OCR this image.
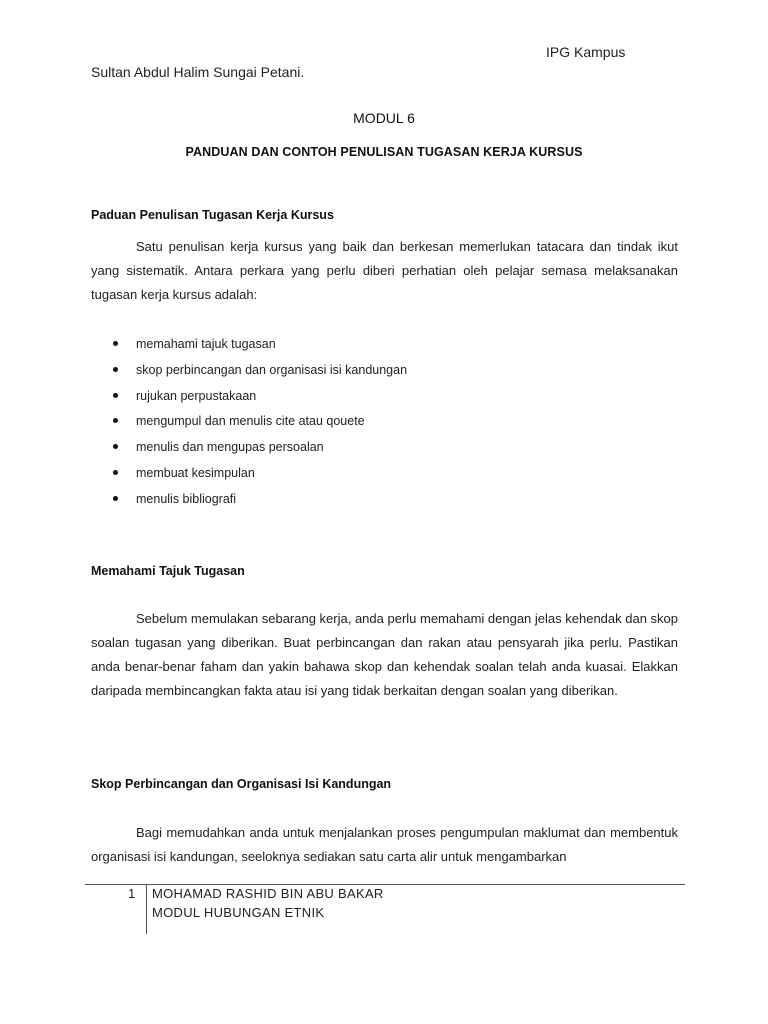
IPG Kampus
Sultan Abdul Halim Sungai Petani.
MODUL 6
PANDUAN DAN CONTOH PENULISAN TUGASAN KERJA KURSUS
Paduan Penulisan Tugasan Kerja Kursus
Satu penulisan kerja kursus yang baik dan berkesan memerlukan tatacara dan tindak ikut yang sistematik. Antara perkara yang perlu diberi perhatian oleh pelajar semasa melaksanakan tugasan kerja kursus adalah:
memahami tajuk tugasan
skop perbincangan dan organisasi isi kandungan
rujukan perpustakaan
mengumpul dan menulis cite atau qouete
menulis dan mengupas persoalan
membuat kesimpulan
menulis bibliografi
Memahami Tajuk Tugasan
Sebelum memulakan sebarang kerja, anda perlu memahami dengan jelas kehendak dan skop soalan tugasan yang diberikan. Buat perbincangan dan rakan atau pensyarah jika perlu. Pastikan anda benar-benar faham dan yakin bahawa skop dan kehendak soalan telah anda kuasai. Elakkan daripada membincangkan fakta atau isi yang tidak berkaitan dengan soalan yang diberikan.
Skop Perbincangan dan Organisasi Isi Kandungan
Bagi memudahkan anda untuk menjalankan proses pengumpulan maklumat dan membentuk organisasi isi kandungan, seeloknya sediakan satu carta alir untuk mengambarkan
1 MOHAMAD RASHID BIN ABU BAKAR
MODUL HUBUNGAN ETNIK
